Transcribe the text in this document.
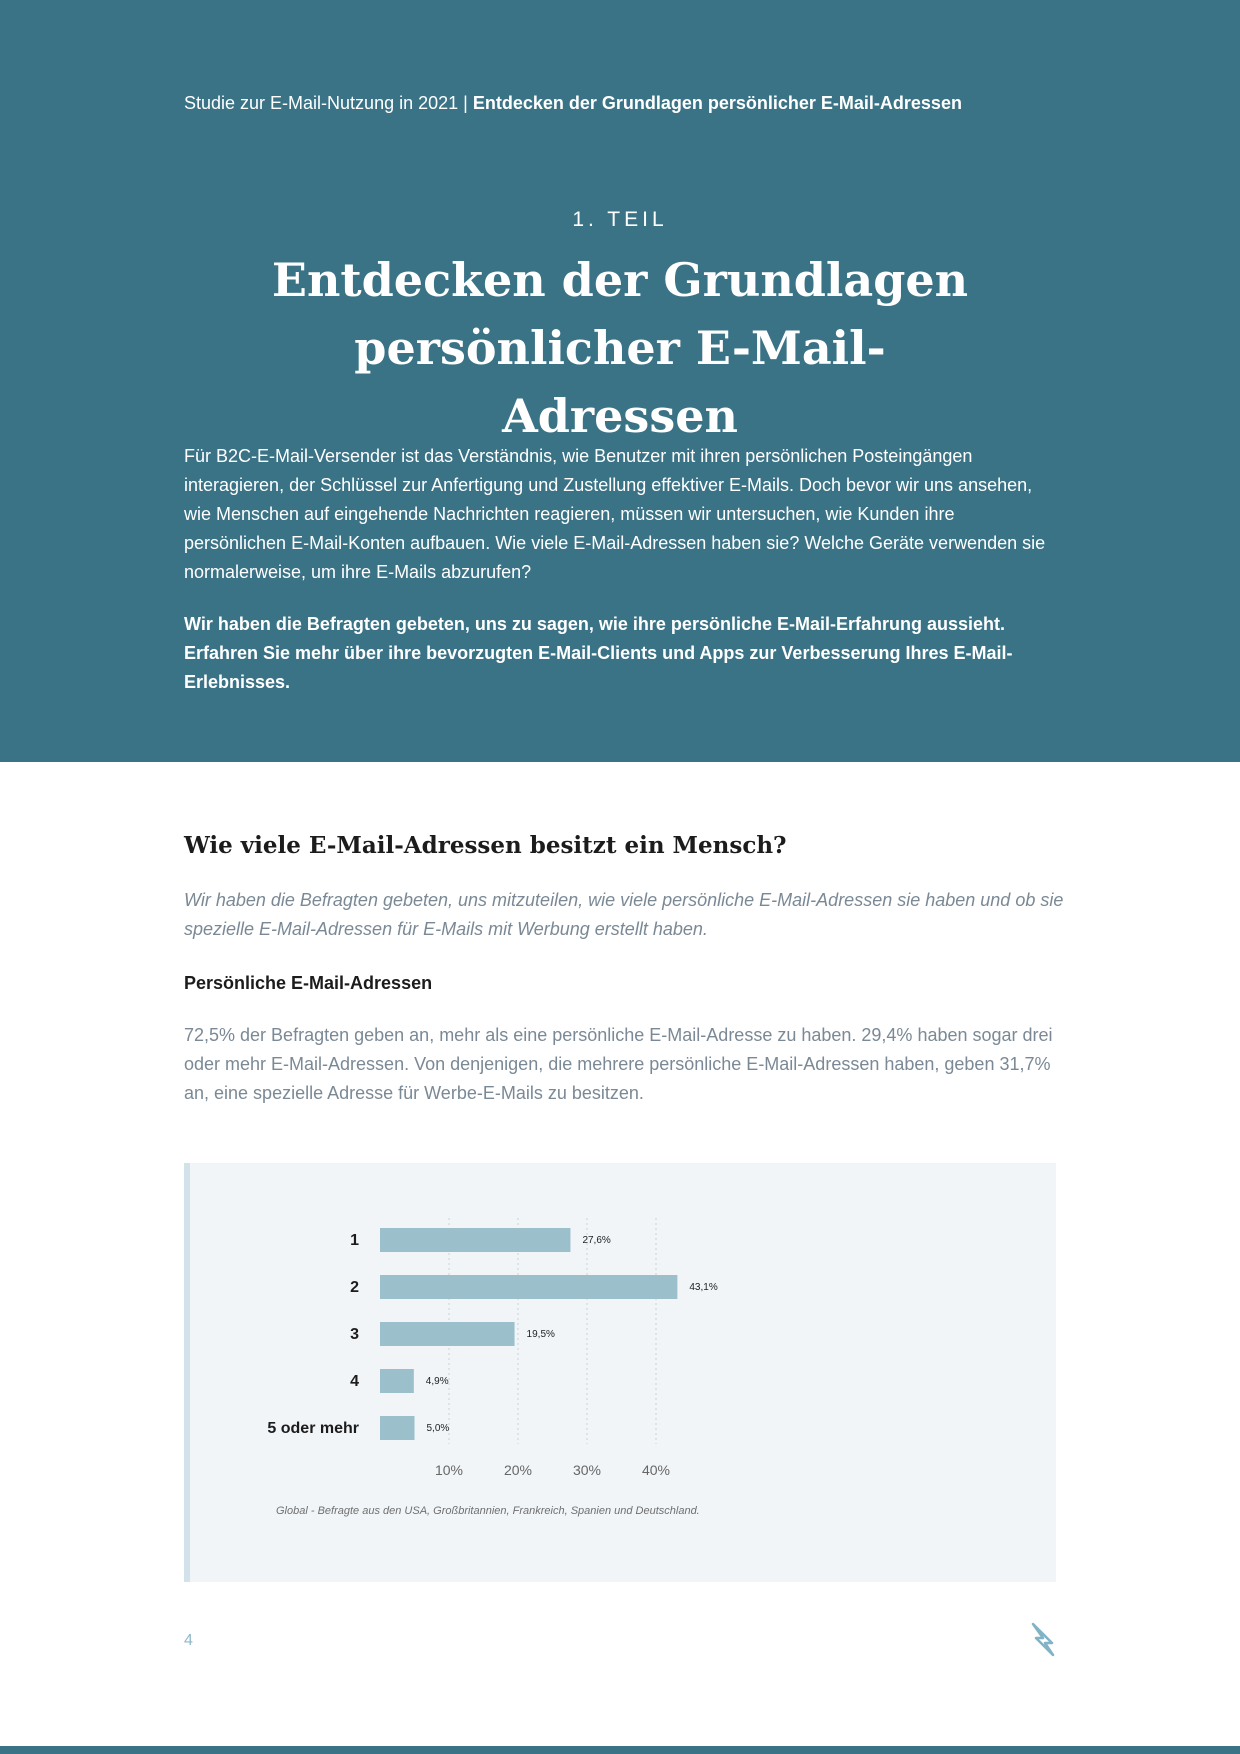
Studie zur E-Mail-Nutzung in 2021 | Entdecken der Grundlagen persönlicher E-Mail-Adressen
1. TEIL
Entdecken der Grundlagen persönlicher E-Mail-Adressen

Für B2C-E-Mail-Versender ist das Verständnis, wie Benutzer mit ihren persönlichen Posteingängen interagieren, der Schlüssel zur Anfertigung und Zustellung effektiver E-Mails. Doch bevor wir uns ansehen, wie Menschen auf eingehende Nachrichten reagieren, müssen wir untersuchen, wie Kunden ihre persönlichen E-Mail-Konten aufbauen. Wie viele E-Mail-Adressen haben sie? Welche Geräte verwenden sie normalerweise, um ihre E-Mails abzurufen?

Wir haben die Befragten gebeten, uns zu sagen, wie ihre persönliche E-Mail-Erfahrung aussieht. Erfahren Sie mehr über ihre bevorzugten E-Mail-Clients und Apps zur Verbesserung Ihres E-Mail-Erlebnisses.

Wie viele E-Mail-Adressen besitzt ein Mensch?

Wir haben die Befragten gebeten, uns mitzuteilen, wie viele persönliche E-Mail-Adressen sie haben und ob sie spezielle E-Mail-Adressen für E-Mails mit Werbung erstellt haben.

Persönliche E-Mail-Adressen

72,5% der Befragten geben an, mehr als eine persönliche E-Mail-Adresse zu haben. 29,4% haben sogar drei oder mehr E-Mail-Adressen. Von denjenigen, die mehrere persönliche E-Mail-Adressen haben, geben 31,7% an, eine spezielle Adresse für Werbe-E-Mails zu besitzen.

10%	20%	30%	40%
1	27,6%
2	43,1%
3	19,5%
4	4,9%
5 oder mehr	5,0%
Global - Befragte aus den USA, Großbritannien, Frankreich, Spanien und Deutschland.
4
